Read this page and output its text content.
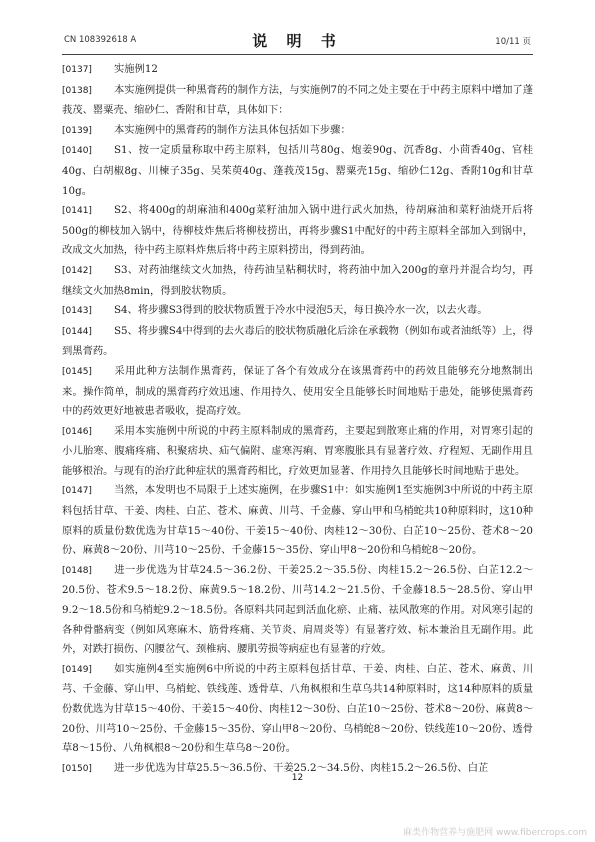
CN 108392618 A	说 明 书	10/11 页

[0137] 实施例12

[0138] 本实施例提供一种黑膏药的制作方法，与实施例7的不同之处主要在于中药主原料中增加了蓬莪茂、罂粟壳、缩砂仁、香附和甘草，具体如下：

[0139] 本实施例中的黑膏药的制作方法具体包括如下步骤：

[0140] S1、按一定质量称取中药主原料，包括川芎80g、炮姜90g、沉香8g、小茴香40g、官桂40g、白胡椒8g、川楝子35g、吴茱萸40g、蓬莪茂15g、罂粟壳15g、缩砂仁12g、香附10g和甘草10g。

[0141] S2、将400g的胡麻油和400g菜籽油加入锅中进行武火加热，待胡麻油和菜籽油烧开后将500g的柳枝加入锅中，待柳枝炸焦后将柳枝捞出，再将步骤S1中配好的中药主原料全部加入到锅中，改成文火加热，待中药主原料炸焦后将中药主原料捞出，得到药油。

[0142] S3、对药油继续文火加热，待药油呈粘稠状时，将药油中加入200g的章丹并混合均匀，再继续文火加热8min，得到胶状物质。

[0143] S4、将步骤S3得到的胶状物质置于冷水中浸泡5天，每日换冷水一次，以去火毒。

[0144] S5、将步骤S4中得到的去火毒后的胶状物质融化后涂在承载物（例如布或者油纸等）上，得到黑膏药。

[0145] 采用此种方法制作黑膏药，保证了各个有效成分在该黑膏药中的药效且能够充分地熬制出来。操作简单，制成的黑膏药疗效迅速、作用持久、使用安全且能够长时间地贴于患处，能够使黑膏药中的药效更好地被患者吸收，提高疗效。

[0146] 采用本实施例中所说的中药主原料制成的黑膏药，主要起到散寒止痛的作用，对胃寒引起的小儿胎寒、腹痛疼痛、积聚痞块、疝气偏附、虚寒泻痢、胃寒腹胀具有显著疗效、疗程短、无副作用且能够根治。与现有的治疗此种症状的黑膏药相比，疗效更加显著、作用持久且能够长时间地贴于患处。

[0147] 当然，本发明也不局限于上述实施例，在步骤S1中：如实施例1至实施例3中所说的中药主原料包括甘草、干姜、肉桂、白芷、苍术、麻黄、川芎、千金藤、穿山甲和乌梢蛇共10种原料时，这10种原料的质量份数优选为甘草15～40份、干姜15～40份、肉桂12～30份、白芷10～25份、苍术8～20份、麻黄8～20份、川芎10～25份、千金藤15～35份、穿山甲8～20份和乌梢蛇8～20份。

[0148] 进一步优选为甘草24.5～36.2份、干姜25.2～35.5份、肉桂15.2～26.5份、白芷12.2～20.5份、苍术9.5～18.2份、麻黄9.5～18.2份、川芎14.2～21.5份、千金藤18.5～28.5份、穿山甲9.2～18.5份和乌梢蛇9.2～18.5份。各原料共同起到活血化瘀、止痛、祛风散寒的作用。对风寒引起的各种骨骼病变（例如风寒麻木、筋骨疼痛、关节炎、肩周炎等）有显著疗效、标本兼治且无副作用。此外，对跌打损伤、闪腰岔气、颈椎病、腰肌劳损等病症也有显著的疗效。

[0149] 如实施例4至实施例6中所说的中药主原料包括甘草、干姜、肉桂、白芷、苍术、麻黄、川芎、千金藤、穿山甲、乌梢蛇、铁线莲、透骨草、八角枫根和生草乌共14种原料时，这14种原料的质量份数优选为甘草15～40份、干姜15～40份、肉桂12～30份、白芷10～25份、苍术8～20份、麻黄8～20份、川芎10～25份、千金藤15～35份、穿山甲8～20份、乌梢蛇8～20份、铁线莲10～20份、透骨草8～15份、八角枫根8～20份和生草乌8～20份。

[0150] 进一步优选为甘草25.5～36.5份、干姜25.2～34.5份、肉桂15.2～26.5份、白芷

12
麻类作物营养与施肥网 www.fibercrops.com
